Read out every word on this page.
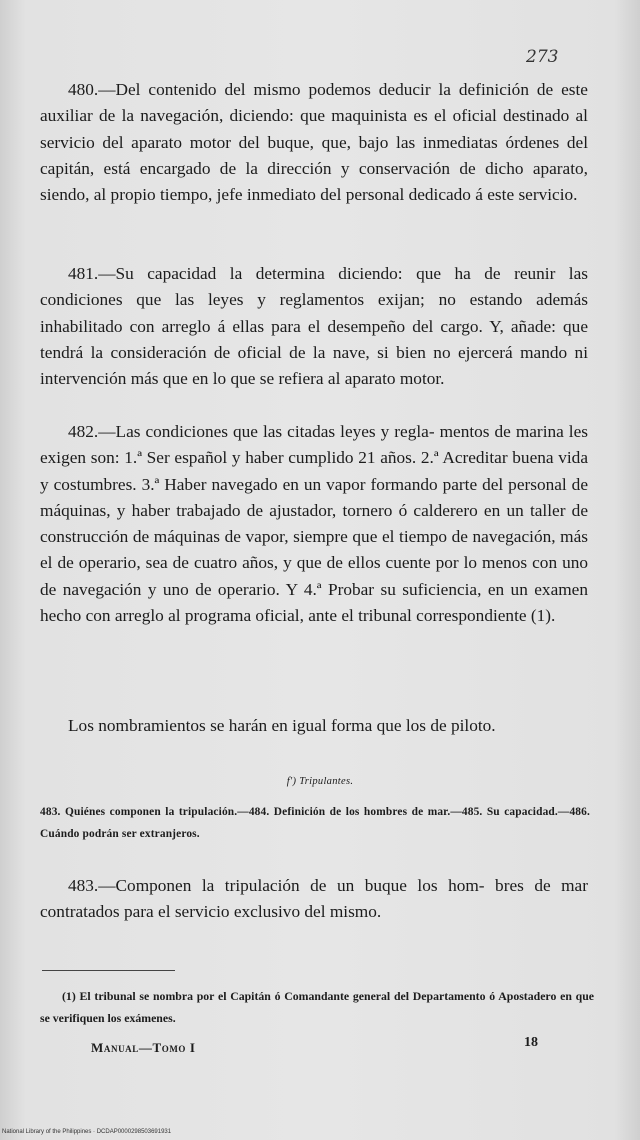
273

480.—Del contenido del mismo podemos deducir la definición de este auxiliar de la navegación, diciendo: que maquinista es el oficial destinado al servicio del aparato motor del buque, que, bajo las inmediatas órdenes del capitán, está encargado de la dirección y conservación de dicho aparato, siendo, al propio tiempo, jefe inmediato del personal dedicado á este servicio.

481.—Su capacidad la determina diciendo: que ha de reunir las condiciones que las leyes y reglamentos exijan; no estando además inhabilitado con arreglo á ellas para el desempeño del cargo. Y, añade: que tendrá la consideración de oficial de la nave, si bien no ejercerá mando ni intervención más que en lo que se refiera al aparato motor.

482.—Las condiciones que las citadas leyes y regla- mentos de marina les exigen son: 1.ª Ser español y haber cumplido 21 años. 2.ª Acreditar buena vida y costumbres. 3.ª Haber navegado en un vapor formando parte del personal de máquinas, y haber trabajado de ajustador, tornero ó calderero en un taller de construcción de máquinas de vapor, siempre que el tiempo de navegación, más el de operario, sea de cuatro años, y que de ellos cuente por lo menos con uno de navegación y uno de operario. Y 4.ª Probar su suficiencia, en un examen hecho con arreglo al programa oficial, ante el tribunal correspondiente (1).

Los nombramientos se harán en igual forma que los de piloto.

f') Tripulantes.
483. Quiénes componen la tripulación.—484. Definición de los hombres de mar.—485. Su capacidad.—486. Cuándo podrán ser extranjeros.

483.—Componen la tripulación de un buque los hom- bres de mar contratados para el servicio exclusivo del mismo.

(1) El tribunal se nombra por el Capitán ó Comandante general del Departamento ó Apostadero en que se verifiquen los exámenes.
Manual—Tomo I	18
National Library of the Philippines · DCDAP0000298503691931
